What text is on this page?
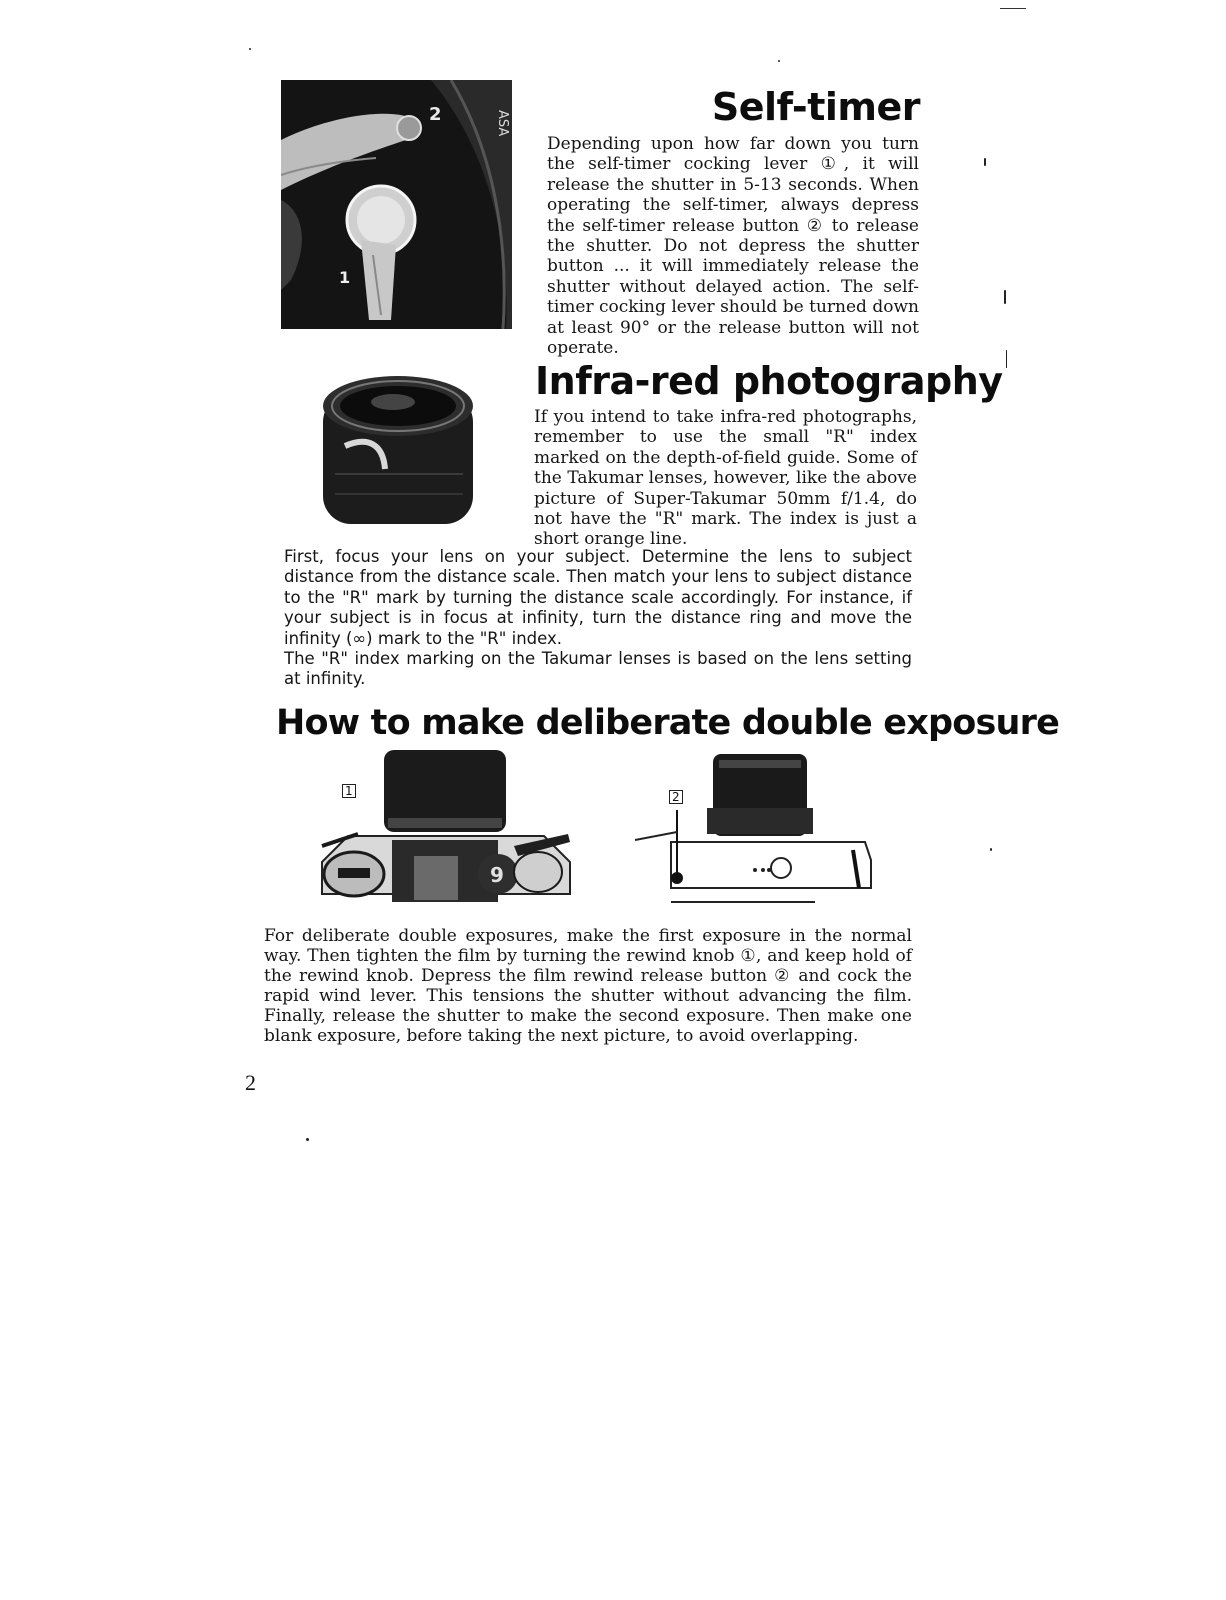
ASA
2
1
Self-timer

Depending upon how far down you turn the self-timer cocking lever ①, it will release the shutter in 5-13 seconds. When operating the self-timer, always depress the self-timer release button ② to release the shutter. Do not depress the shutter button ... it will immediately release the shutter without delayed action. The self-timer cocking lever should be turned down at least 90° or the release button will not operate.

Infra-red photography

If you intend to take infra-red photographs, remember to use the small "R" index marked on the depth-of-field guide. Some of the Takumar lenses, however, like the above picture of Super-Takumar 50mm f/1.4, do not have the "R" mark. The index is just a short orange line.

First, focus your lens on your subject. Determine the lens to subject distance from the distance scale. Then match your lens to subject distance to the "R" mark by turning the distance scale accordingly. For instance, if your subject is in focus at infinity, turn the distance ring and move the infinity (∞) mark to the "R" index.

The "R" index marking on the Takumar lenses is based on the lens setting at infinity.

How to make deliberate double exposure
9
1	2

For deliberate double exposures, make the first exposure in the normal way. Then tighten the film by turning the rewind knob ①, and keep hold of the rewind knob. Depress the film rewind release button ② and cock the rapid wind lever. This tensions the shutter without advancing the film. Finally, release the shutter to make the second exposure. Then make one blank exposure, before taking the next picture, to avoid overlapping.

2
